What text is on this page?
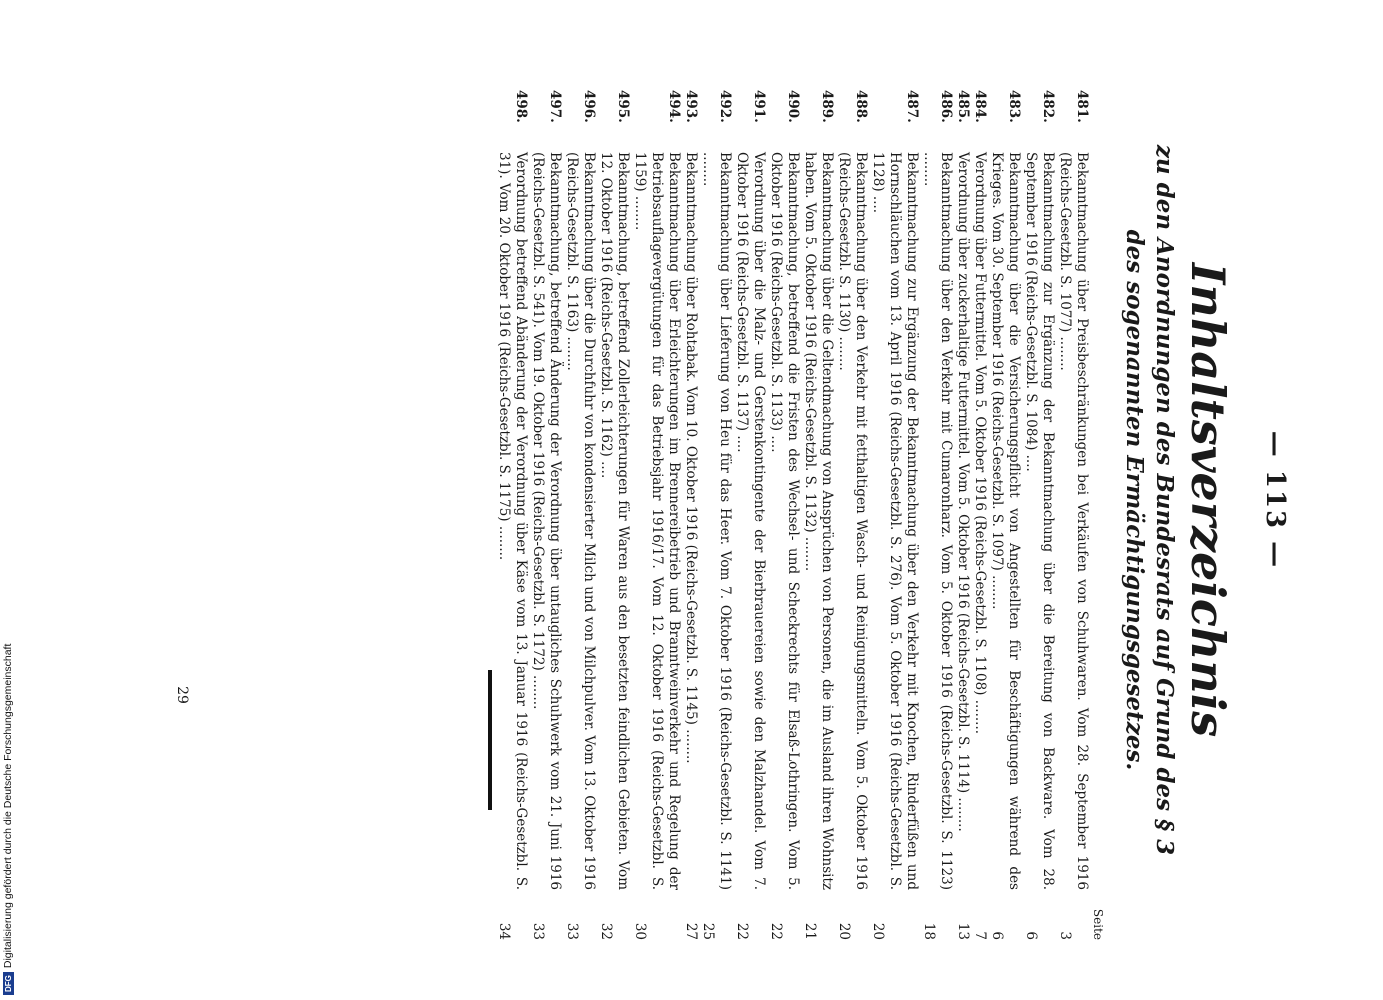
— 113 —
Inhaltsverzeichnis
zu den Anordnungen des Bundesrats auf Grund des § 3
des sogenannten Ermächtigungsgesetzes.
Seite
481.
Bekanntmachung über Preisbeschränkungen bei Verkäufen von Schuhwaren. Vom 28. September 1916 (Reichs-Gesetzbl. S. 1077) ........
3
482.
Bekanntmachung zur Ergänzung der Bekanntmachung über die Bereitung von Backware. Vom 28. September 1916 (Reichs-Gesetzbl. S. 1084) ....
6
483.
Bekanntmachung über die Versicherungspflicht von Angestellten für Beschäftigungen während des Krieges. Vom 30. September 1916 (Reichs-Gesetzbl. S. 1097) ........
6
484.
Verordnung über Futtermittel. Vom 5. Oktober 1916 (Reichs-Gesetzbl. S. 1108) ........
7
485.
Verordnung über zuckerhaltige Futtermittel. Vom 5. Oktober 1916 (Reichs-Gesetzbl. S. 1114) ........
13
486.
Bekanntmachung über den Verkehr mit Cumaronharz. Vom 5. Oktober 1916 (Reichs-Gesetzbl. S. 1123) ........
18
487.
Bekanntmachung zur Ergänzung der Bekanntmachung über den Verkehr mit Knochen, Rinderfüßen und Hornschläuchen vom 13. April 1916 (Reichs-Gesetzbl. S. 276). Vom 5. Oktober 1916 (Reichs-Gesetzbl. S. 1128) ....
20
488.
Bekanntmachung über den Verkehr mit fetthaltigen Wasch- und Reinigungsmitteln. Vom 5. Oktober 1916 (Reichs-Gesetzbl. S. 1130) ........
20
489.
Bekanntmachung über die Geltendmachung von Ansprüchen von Personen, die im Ausland ihren Wohnsitz haben. Vom 5. Oktober 1916 (Reichs-Gesetzbl. S. 1132) ........
21
490.
Bekanntmachung, betreffend die Fristen des Wechsel- und Scheckrechts für Elsaß-Lothringen. Vom 5. Oktober 1916 (Reichs-Gesetzbl. S. 1133) ....
22
491.
Verordnung über die Malz- und Gerstenkontingente der Bierbrauereien sowie den Malzhandel. Vom 7. Oktober 1916 (Reichs-Gesetzbl. S. 1137) ....
22
492.
Bekanntmachung über Lieferung von Heu für das Heer. Vom 7. Oktober 1916 (Reichs-Gesetzbl. S. 1141) ........
25
493.
Bekanntmachung über Rohtabak. Vom 10. Oktober 1916 (Reichs-Gesetzbl. S. 1145) ........
27
494.
Bekanntmachung über Erleichterungen im Brennereibetrieb und Branntweinverkehr und Regelung der Betriebsauflagevergütungen für das Betriebsjahr 1916/17. Vom 12. Oktober 1916 (Reichs-Gesetzbl. S. 1159) ........
30
495.
Bekanntmachung, betreffend Zollerleichterungen für Waren aus den besetzten feindlichen Gebieten. Vom 12. Oktober 1916 (Reichs-Gesetzbl. S. 1162) ....
32
496.
Bekanntmachung über die Durchfuhr von kondensierter Milch und von Milchpulver. Vom 13. Oktober 1916 (Reichs-Gesetzbl. S. 1163) ........
33
497.
Bekanntmachung, betreffend Änderung der Verordnung über untaugliches Schuhwerk vom 21. Juni 1916 (Reichs-Gesetzbl. S. 541). Vom 19. Oktober 1916 (Reichs-Gesetzbl. S. 1172) ........
33
498.
Verordnung betreffend Abänderung der Verordnung über Käse vom 13. Januar 1916 (Reichs-Gesetzbl. S. 31). Vom 20. Oktober 1916 (Reichs-Gesetzbl. S. 1175) ........
34
29
DFGDigitalisierung gefördert durch die Deutsche Forschungsgemeinschaft
